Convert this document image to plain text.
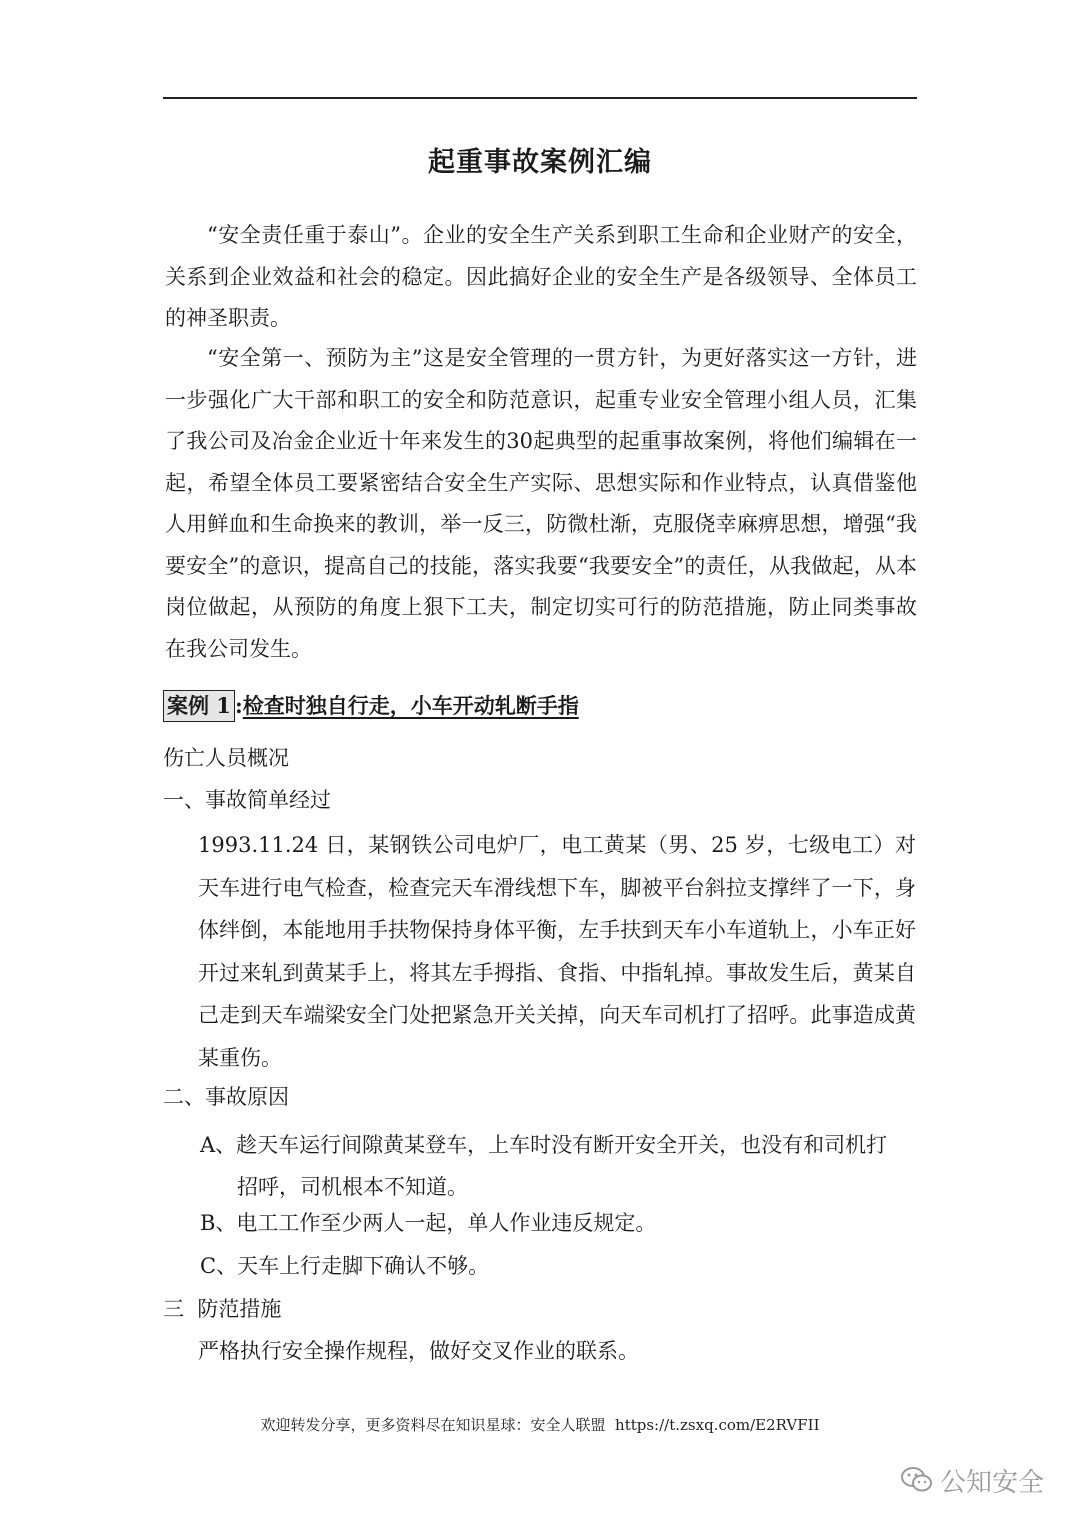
起重事故案例汇编
“安全责任重于泰山”。企业的安全生产关系到职工生命和企业财产的安全，关系到企业效益和社会的稳定。因此搞好企业的安全生产是各级领导、全体员工的神圣职责。
“安全第一、预防为主”这是安全管理的一贯方针，为更好落实这一方针，进一步强化广大干部和职工的安全和防范意识，起重专业安全管理小组人员，汇集了我公司及冶金企业近十年来发生的30起典型的起重事故案例，将他们编辑在一起，希望全体员工要紧密结合安全生产实际、思想实际和作业特点，认真借鉴他人用鲜血和生命换来的教训，举一反三，防微杜渐，克服侥幸麻痹思想，增强“我要安全”的意识，提高自己的技能，落实我要“我要安全”的责任，从我做起，从本岗位做起，从预防的角度上狠下工夫，制定切实可行的防范措施，防止同类事故在我公司发生。
案例 1 :检查时独自行走，小车开动轧断手指
伤亡人员概况
一、事故简单经过
1993.11.24 日，某钢铁公司电炉厂，电工黄某（男、25 岁，七级电工）对天车进行电气检查，检查完天车滑线想下车，脚被平台斜拉支撑绊了一下，身体绊倒，本能地用手扶物保持身体平衡，左手扶到天车小车道轨上，小车正好开过来轧到黄某手上，将其左手拇指、食指、中指轧掉。事故发生后，黄某自己走到天车端梁安全门处把紧急开关关掉，向天车司机打了招呼。此事造成黄某重伤。
二、事故原因
A、趁天车运行间隙黄某登车，上车时没有断开安全开关，也没有和司机打
招呼，司机根本不知道。
B、电工工作至少两人一起，单人作业违反规定。
C、天车上行走脚下确认不够。
三  防范措施
严格执行安全操作规程，做好交叉作业的联系。
欢迎转发分享，更多资料尽在知识星球：安全人联盟  https://t.zsxq.com/E2RVFII
公知安全
